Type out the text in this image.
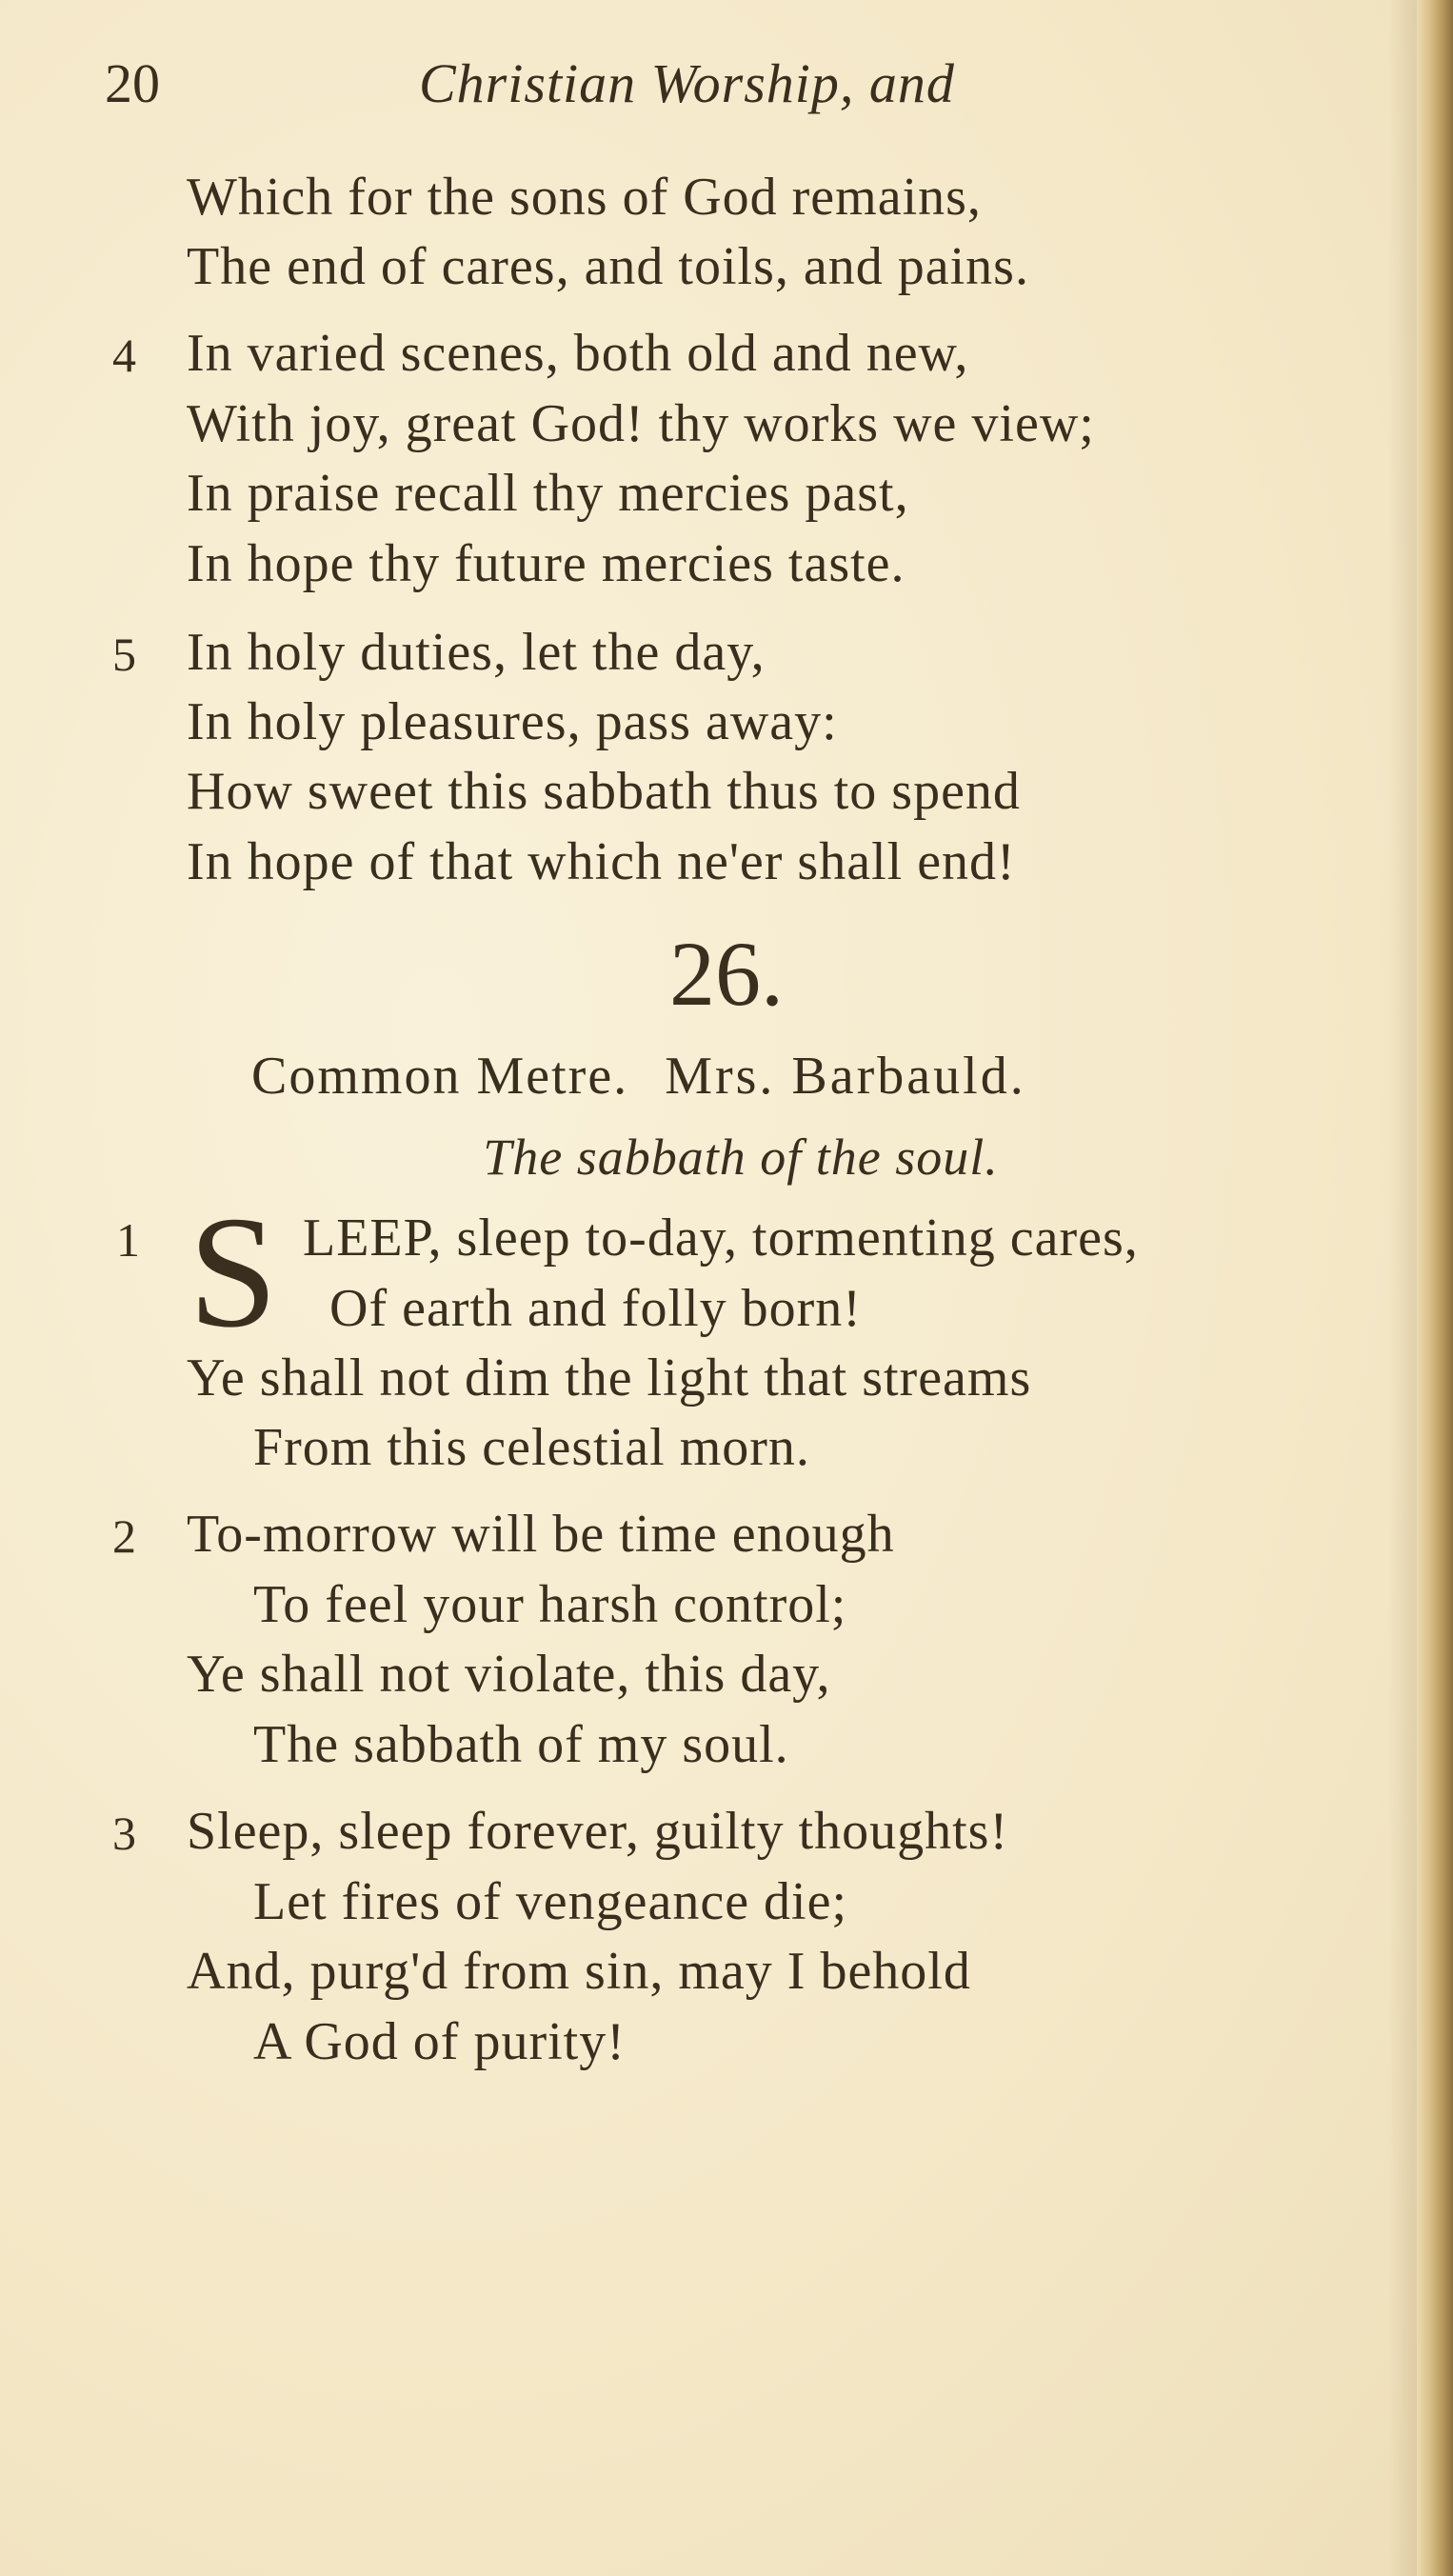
20	Christian Worship, and
Which for the sons of God remains,
The end of cares, and toils, and pains.
4 In varied scenes, both old and new,
With joy, great God! thy works we view;
In praise recall thy mercies past,
In hope thy future mercies taste.
5 In holy duties, let the day,
In holy pleasures, pass away:
How sweet this sabbath thus to spend
In hope of that which ne'er shall end!
26.
Common Metre. Mrs. Barbauld.
The sabbath of the soul.
1 S LEEP, sleep to-day, tormenting cares,
Of earth and folly born!
Ye shall not dim the light that streams
From this celestial morn.
2 To-morrow will be time enough
To feel your harsh control;
Ye shall not violate, this day,
The sabbath of my soul.
3 Sleep, sleep forever, guilty thoughts!
Let fires of vengeance die;
And, purg'd from sin, may I behold
A God of purity!
